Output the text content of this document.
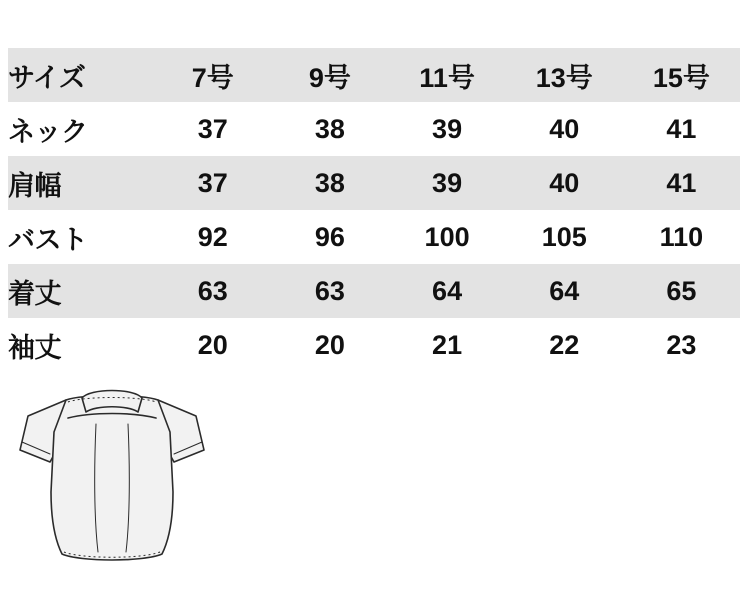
サイズ	7号	9号	11号	13号	15号
ネック	37	38	39	40	41
肩幅	37	38	39	40	41
バスト	92	96	100	105	110
着丈	63	63	64	64	65
袖丈	20	20	21	22	23
